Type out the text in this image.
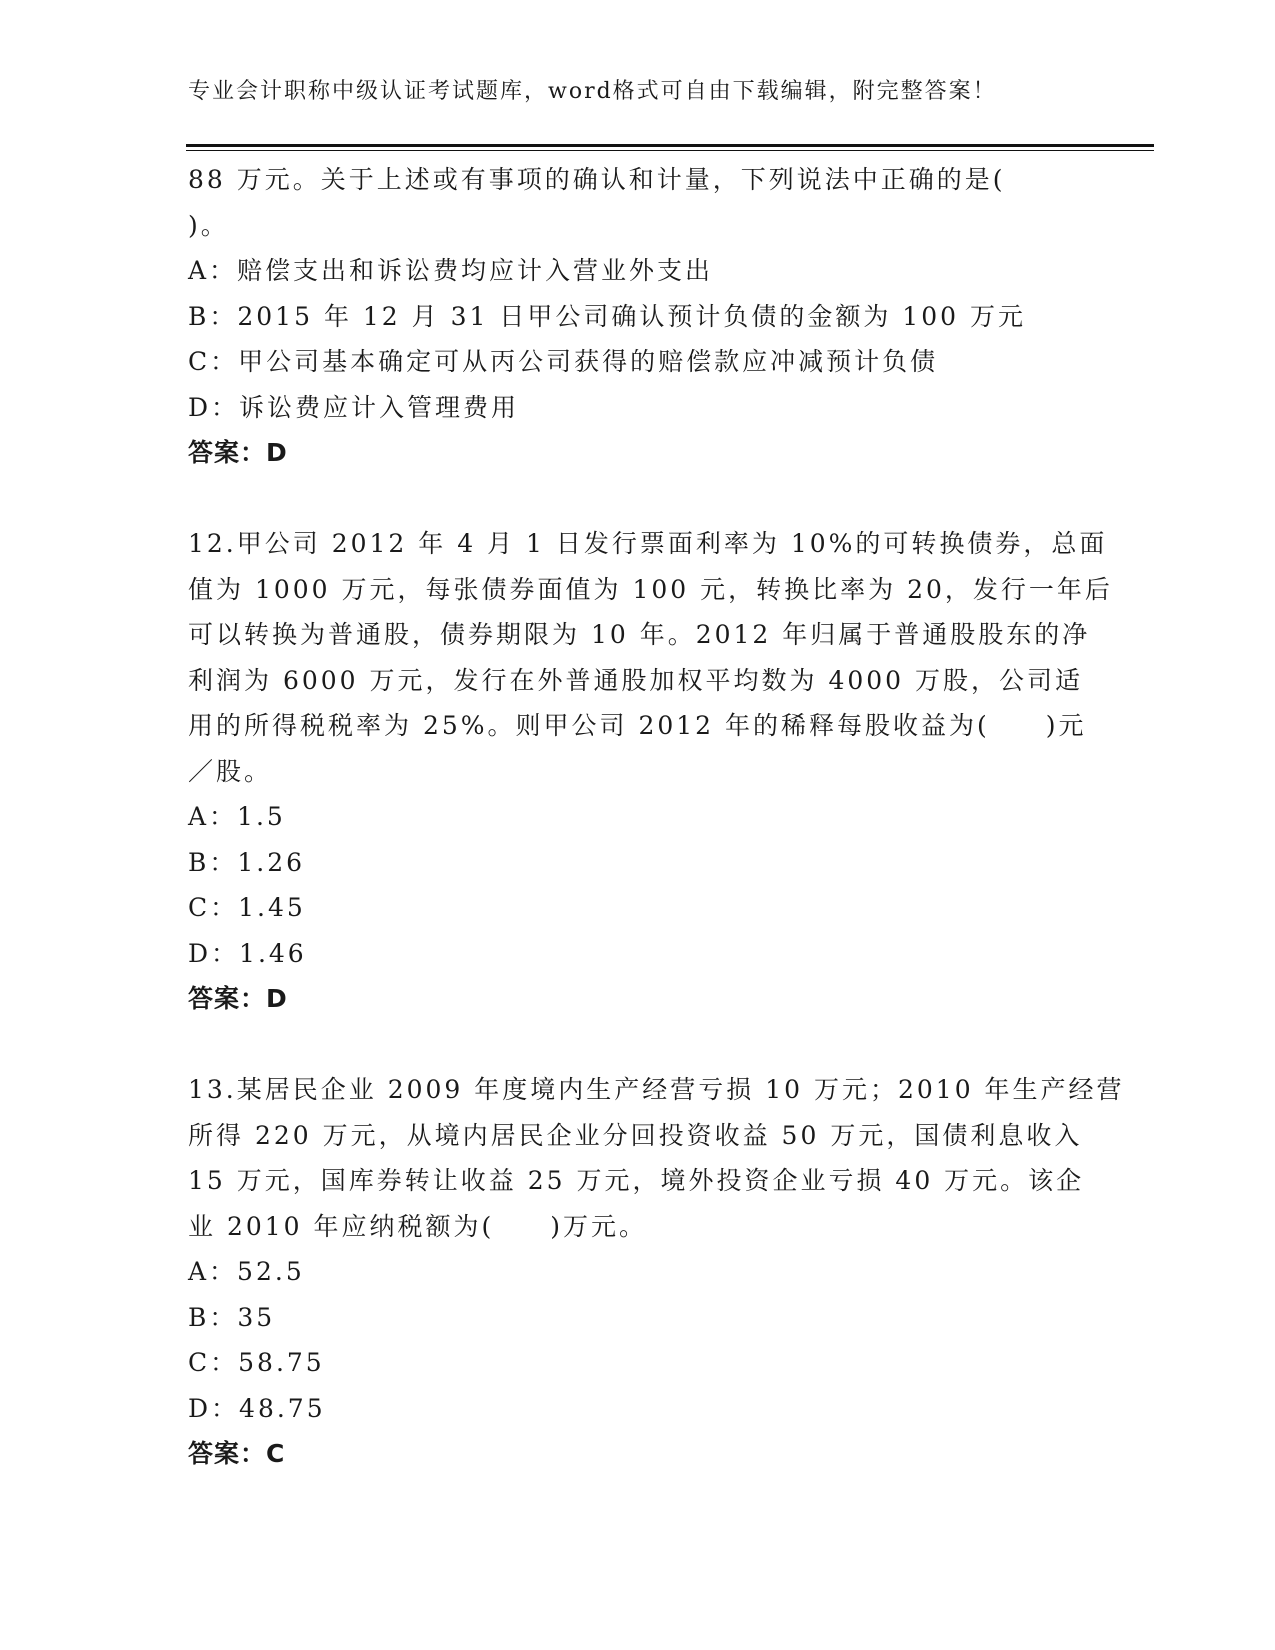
专业会计职称中级认证考试题库，word格式可自由下载编辑，附完整答案！
88 万元。关于上述或有事项的确认和计量，下列说法中正确的是(
)。
A：赔偿支出和诉讼费均应计入营业外支出
B：2015 年 12 月 31 日甲公司确认预计负债的金额为 100 万元
C：甲公司基本确定可从丙公司获得的赔偿款应冲减预计负债
D：诉讼费应计入管理费用
答案：D
12.甲公司 2012 年 4 月 1 日发行票面利率为 10%的可转换债券，总面
值为 1000 万元，每张债券面值为 100 元，转换比率为 20，发行一年后
可以转换为普通股，债券期限为 10 年。2012 年归属于普通股股东的净
利润为 6000 万元，发行在外普通股加权平均数为 4000 万股，公司适
用的所得税税率为 25%。则甲公司 2012 年的稀释每股收益为(　　)元
／股。
A：1.5
B：1.26
C：1.45
D：1.46
答案：D
13.某居民企业 2009 年度境内生产经营亏损 10 万元；2010 年生产经营
所得 220 万元，从境内居民企业分回投资收益 50 万元，国债利息收入
15 万元，国库券转让收益 25 万元，境外投资企业亏损 40 万元。该企
业 2010 年应纳税额为(　　)万元。
A：52.5
B：35
C：58.75
D：48.75
答案：C
